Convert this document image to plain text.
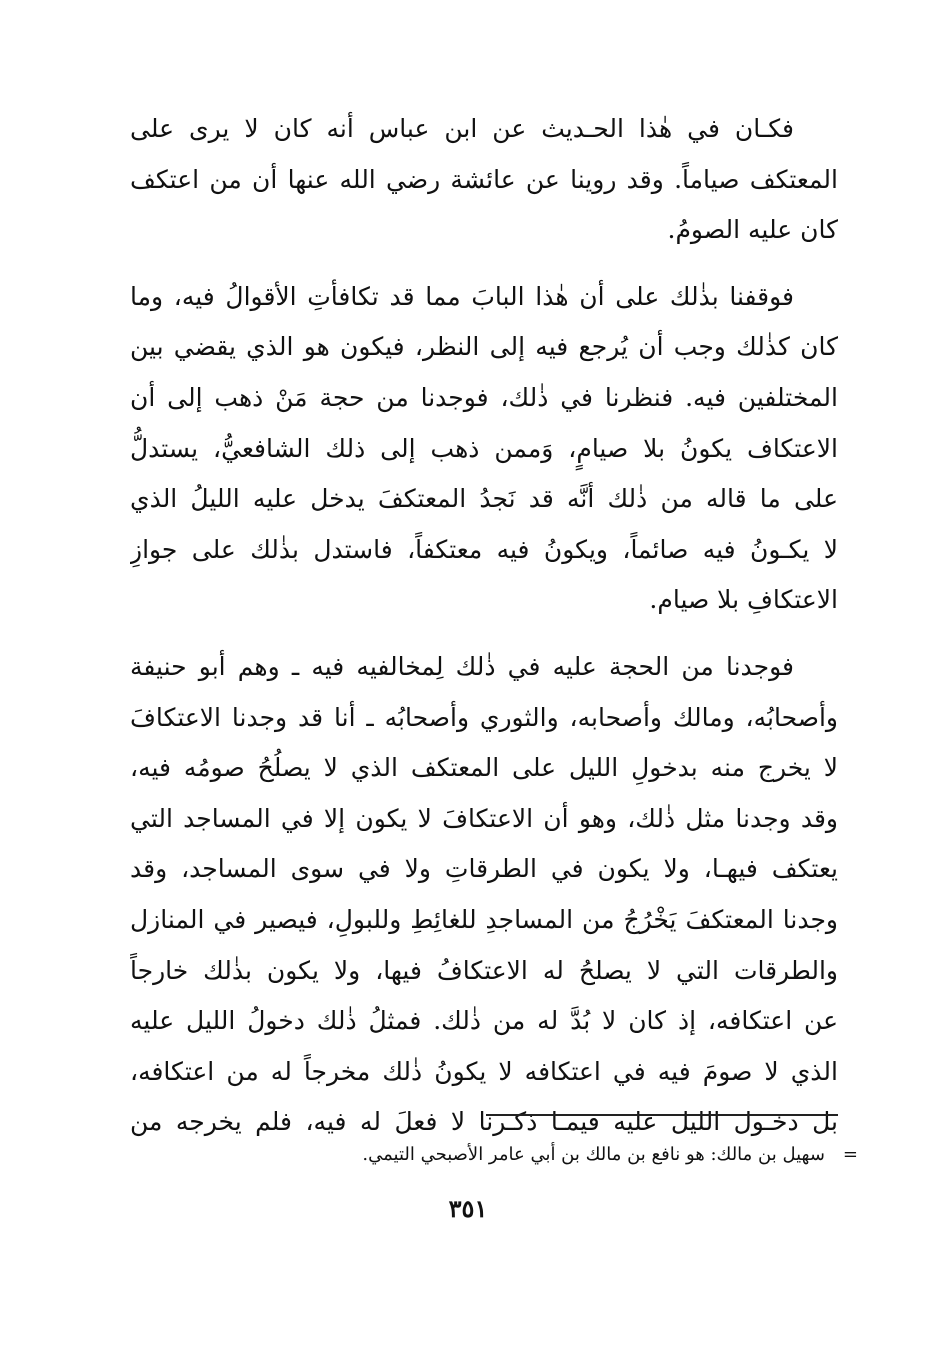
فكـان في هٰذا الحـديث عن ابن عباس أنه كان لا يرى على
المعتكف صياماً. وقد روينا عن عائشة رضي الله عنها أن من اعتكف
كان عليه الصومُ.

فوقفنا بذٰلك على أن هٰذا البابَ مما قد تكافأتِ الأقوالُ فيه، وما
كان كذٰلك وجب أن يُرجع فيه إلى النظر، فيكون هو الذي يقضي بين
المختلفين فيه. فنظرنا في ذٰلك، فوجدنا من حجة مَنْ ذهب إلى أن
الاعتكاف يكونُ بلا صيامٍ، وَممن ذهب إلى ذلك الشافعيُّ، يستدلُّ
على ما قاله من ذٰلك أنَّه قد نَجدُ المعتكفَ يدخل عليه الليلُ الذي
لا يكـونُ فيه صائماً، ويكونُ فيه معتكفاً، فاستدل بذٰلك على جوازِ
الاعتكافِ بلا صيام.

فوجدنا من الحجة عليه في ذٰلك لِمخالفيه فيه ـ وهم أبو حنيفة
وأصحابُه، ومالك وأصحابه، والثوري وأصحابُه ـ أنا قد وجدنا الاعتكافَ
لا يخرج منه بدخولِ الليل على المعتكف الذي لا يصلُحُ صومُه فيه،
وقد وجدنا مثل ذٰلك، وهو أن الاعتكافَ لا يكون إلا في المساجد التي
يعتكف فيهـا، ولا يكون في الطرقاتِ ولا في سوى المساجد، وقد
وجدنا المعتكفَ يَخْرُجُ من المساجدِ للغائِطِ وللبولِ، فيصير في المنازل
والطرقات التي لا يصلحُ له الاعتكافُ فيها، ولا يكون بذٰلك خارجاً
عن اعتكافه، إذ كان لا بُدَّ له من ذٰلك. فمثلُ ذٰلك دخولُ الليل عليه
الذي لا صومَ فيه في اعتكافه لا يكونُ ذٰلك مخرجاً له من اعتكافه،
بل دخـول الليل عليه فيمـا ذكـرنا لا فعلَ له فيه، فلم يخرجه من

=سهيل بن مالك: هو نافع بن مالك بن أبي عامر الأصبحي التيمي.
٣٥١
